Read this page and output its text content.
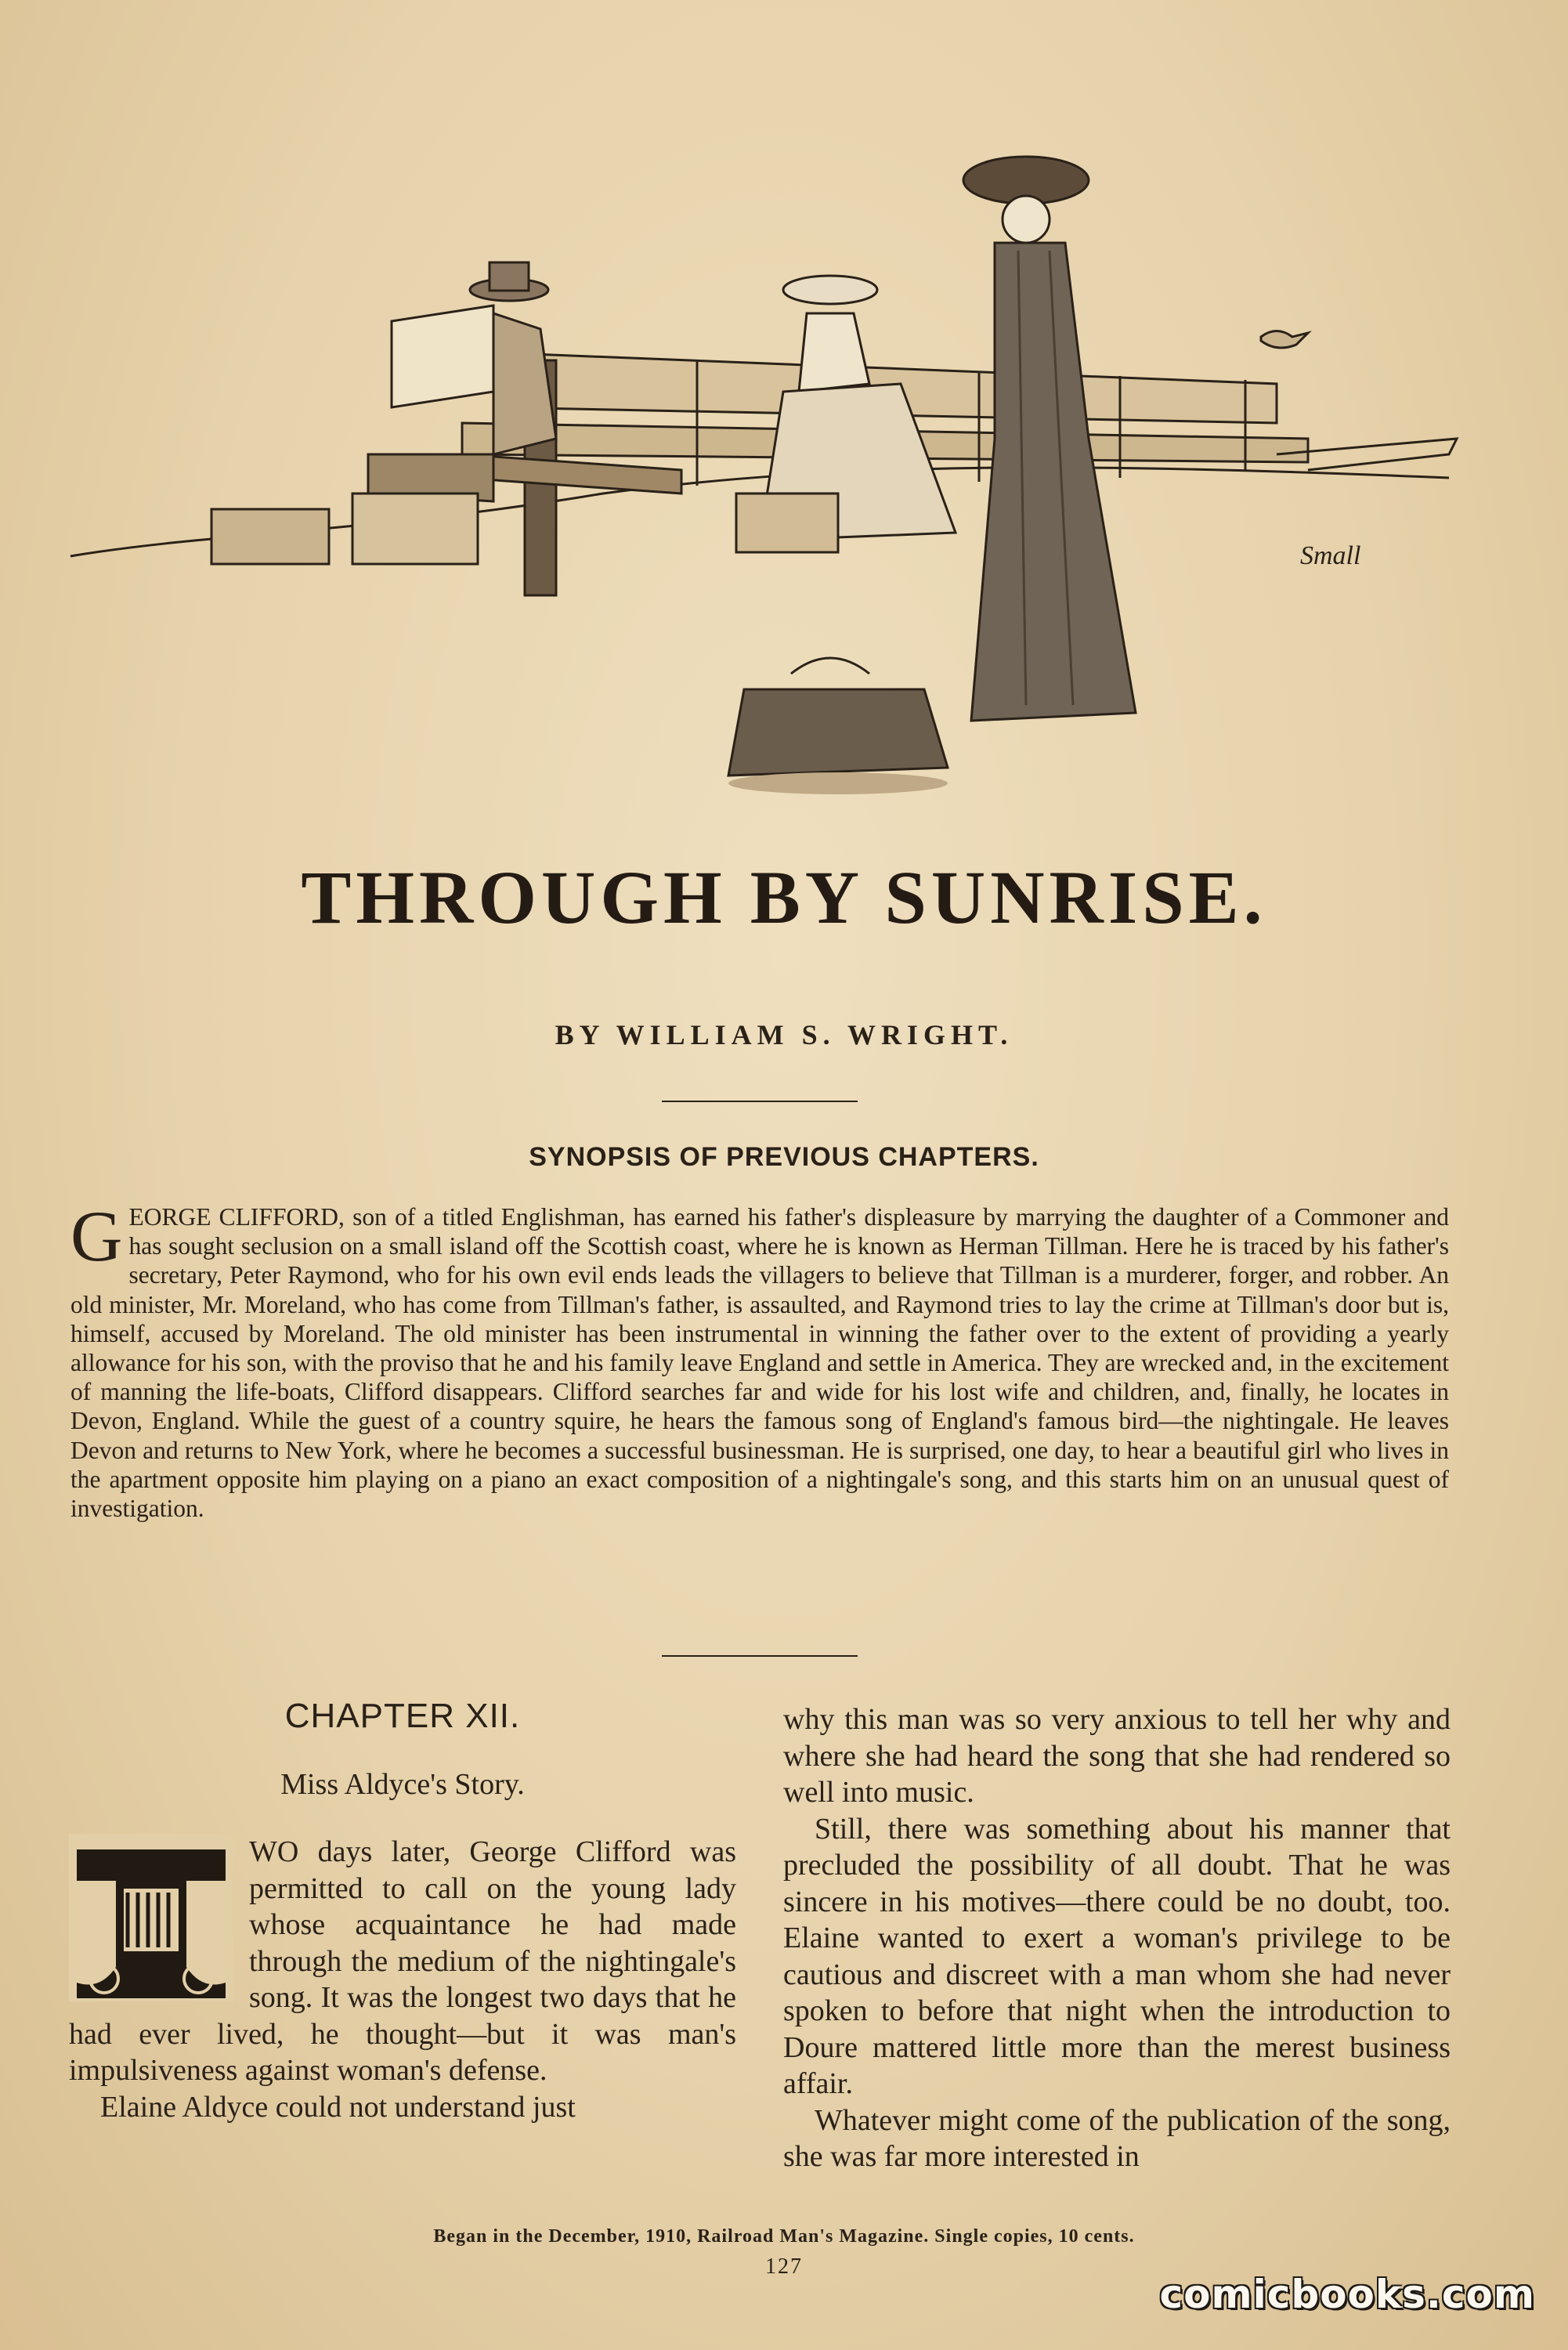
Small
THROUGH BY SUNRISE.

BY WILLIAM S. WRIGHT.

SYNOPSIS OF PREVIOUS CHAPTERS.

GEORGE CLIFFORD, son of a titled Englishman, has earned his father's displeasure by marrying the daughter of a Commoner and has sought seclusion on a small island off the Scottish coast, where he is known as Herman Tillman. Here he is traced by his father's secretary, Peter Raymond, who for his own evil ends leads the villagers to believe that Tillman is a murderer, forger, and robber. An old minister, Mr. Moreland, who has come from Tillman's father, is assaulted, and Raymond tries to lay the crime at Tillman's door but is, himself, accused by Moreland. The old minister has been instrumental in winning the father over to the extent of providing a yearly allowance for his son, with the proviso that he and his family leave England and settle in America. They are wrecked and, in the excitement of manning the life-boats, Clifford disappears. Clifford searches far and wide for his lost wife and children, and, finally, he locates in Devon, England. While the guest of a country squire, he hears the famous song of England's famous bird—the nightingale. He leaves Devon and returns to New York, where he becomes a successful businessman. He is surprised, one day, to hear a beautiful girl who lives in the apartment opposite him playing on a piano an exact composition of a nightingale's song, and this starts him on an unusual quest of investigation.

CHAPTER XII.
Miss Aldyce's Story.

WO days later, George Clifford was permitted to call on the young lady whose acquaintance he had made through the medium of the nightingale's song. It was the longest two days that he had ever lived, he thought—but it was man's impulsiveness against woman's defense.

Elaine Aldyce could not understand just

why this man was so very anxious to tell her why and where she had heard the song that she had rendered so well into music.

Still, there was something about his manner that precluded the possibility of all doubt. That he was sincere in his motives—there could be no doubt, too. Elaine wanted to exert a woman's privilege to be cautious and discreet with a man whom she had never spoken to before that night when the introduction to Doure mattered little more than the merest business affair.

Whatever might come of the publication of the song, she was far more interested in

Began in the December, 1910, Railroad Man's Magazine. Single copies, 10 cents.
127
comicbooks.com
